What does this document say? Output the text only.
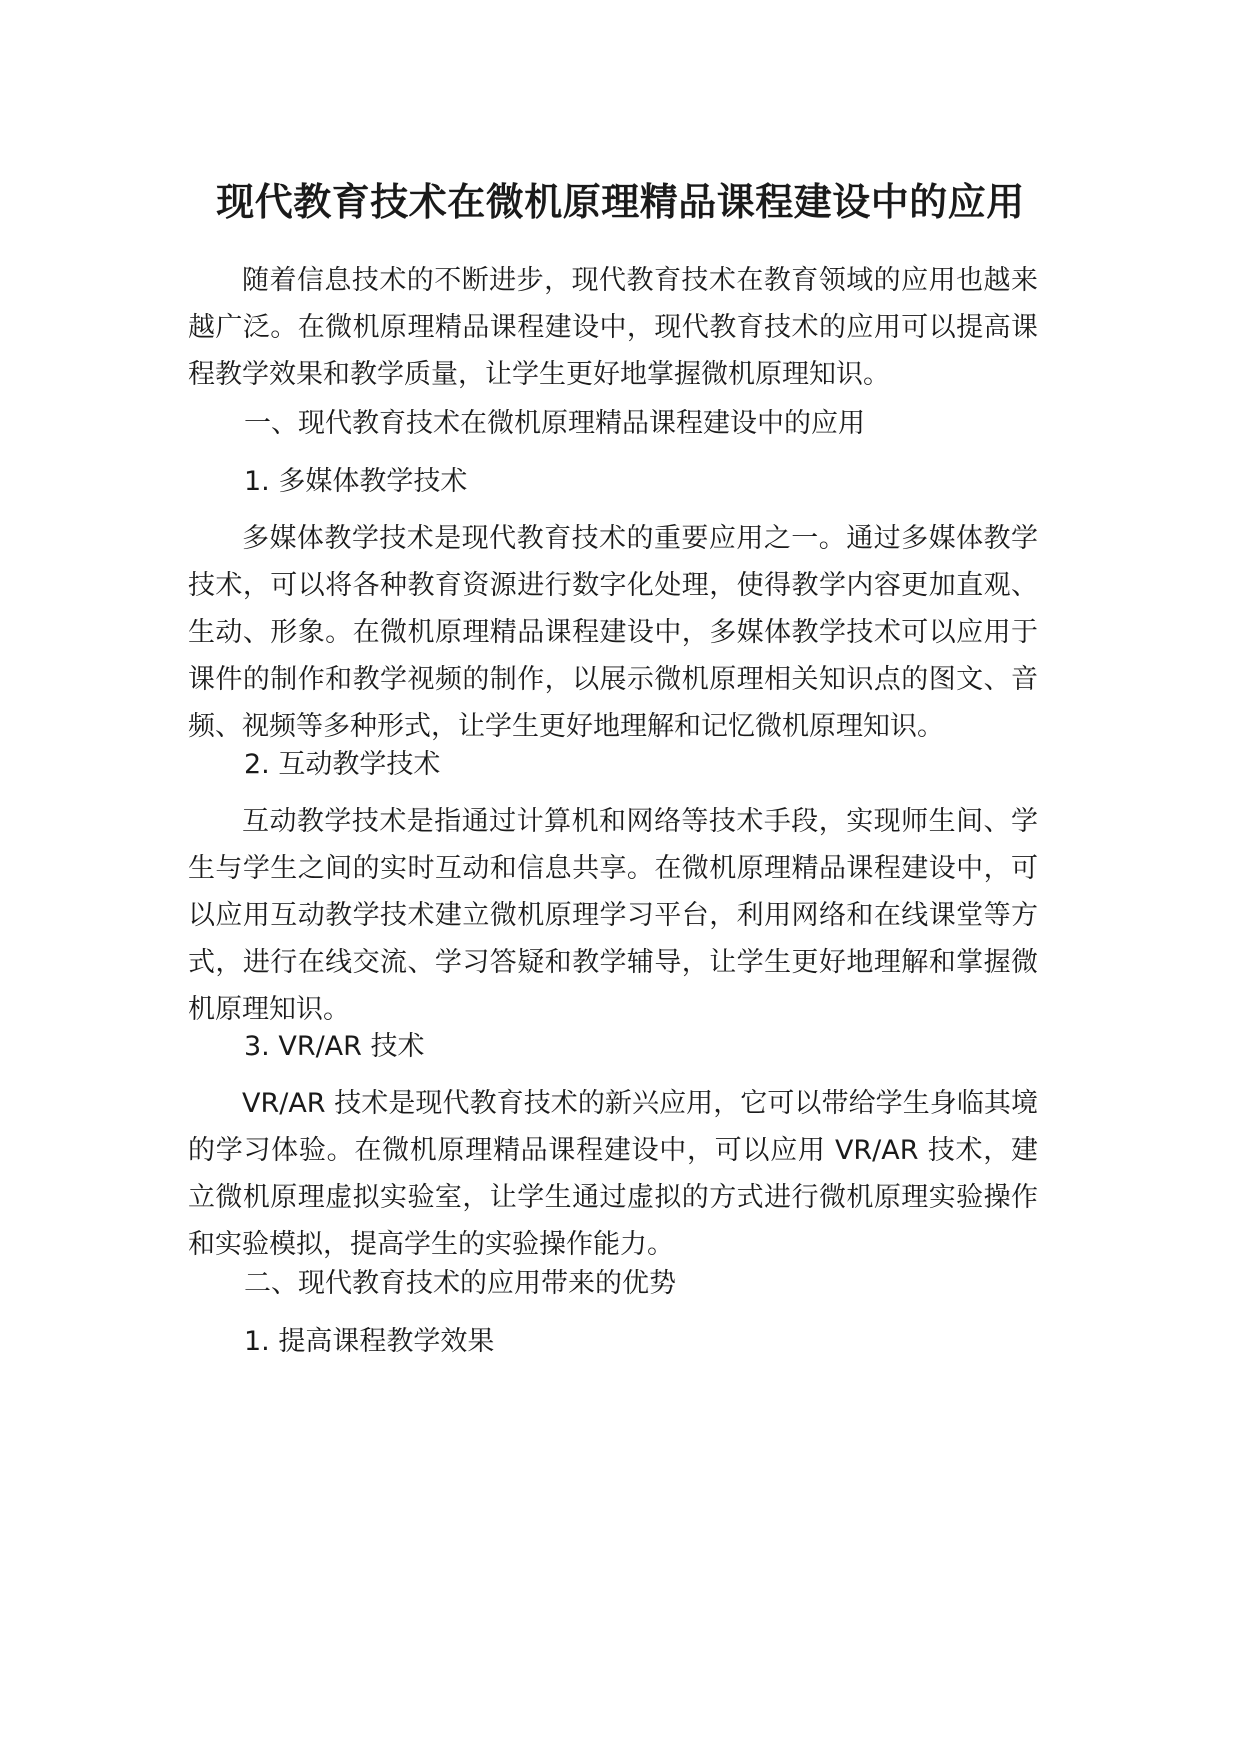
现代教育技术在微机原理精品课程建设中的应用

随着信息技术的不断进步，现代教育技术在教育领域的应用也越来越广泛。在微机原理精品课程建设中，现代教育技术的应用可以提高课程教学效果和教学质量，让学生更好地掌握微机原理知识。

一、现代教育技术在微机原理精品课程建设中的应用

1. 多媒体教学技术

多媒体教学技术是现代教育技术的重要应用之一。通过多媒体教学技术，可以将各种教育资源进行数字化处理，使得教学内容更加直观、生动、形象。在微机原理精品课程建设中，多媒体教学技术可以应用于课件的制作和教学视频的制作，以展示微机原理相关知识点的图文、音频、视频等多种形式，让学生更好地理解和记忆微机原理知识。

2. 互动教学技术

互动教学技术是指通过计算机和网络等技术手段，实现师生间、学生与学生之间的实时互动和信息共享。在微机原理精品课程建设中，可以应用互动教学技术建立微机原理学习平台，利用网络和在线课堂等方式，进行在线交流、学习答疑和教学辅导，让学生更好地理解和掌握微机原理知识。

3. VR/AR 技术

VR/AR 技术是现代教育技术的新兴应用，它可以带给学生身临其境的学习体验。在微机原理精品课程建设中，可以应用 VR/AR 技术，建立微机原理虚拟实验室，让学生通过虚拟的方式进行微机原理实验操作和实验模拟，提高学生的实验操作能力。

二、现代教育技术的应用带来的优势

1. 提高课程教学效果
